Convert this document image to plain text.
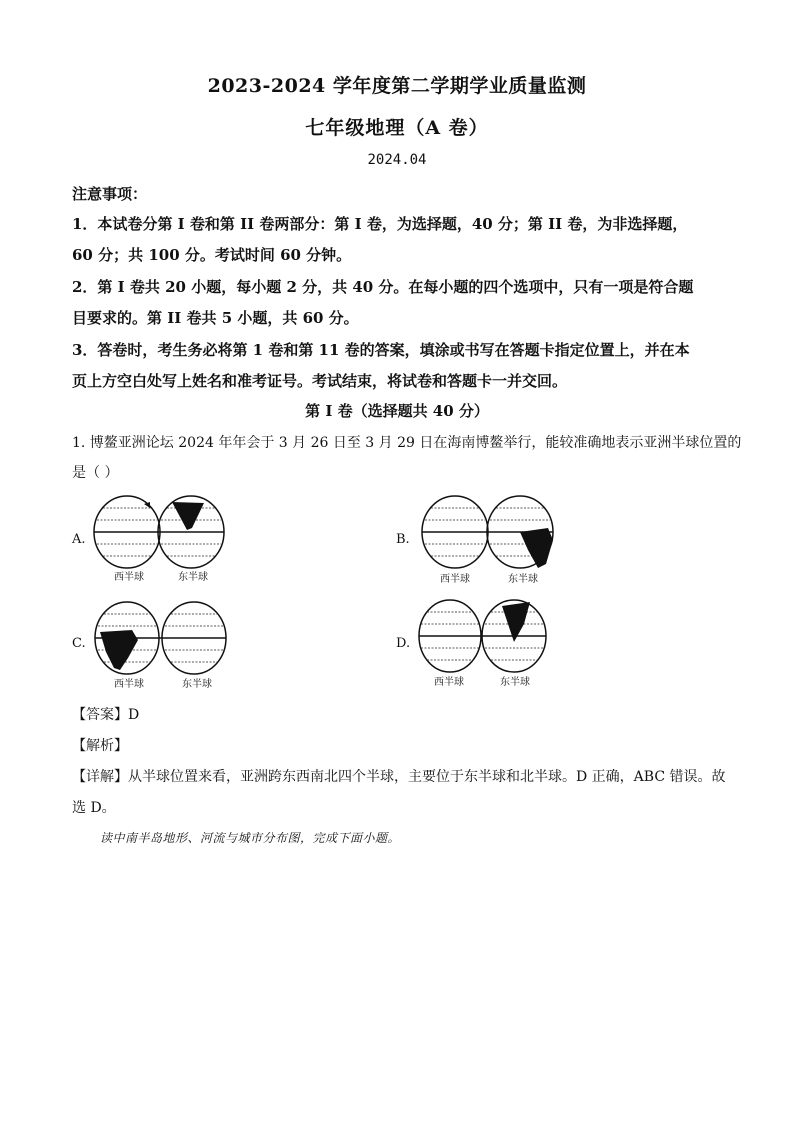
2023-2024 学年度第二学期学业质量监测
七年级地理（A 卷）
2024.04
注意事项：
1．本试卷分第 I 卷和第 II 卷两部分：第 I 卷，为选择题，40 分；第 II 卷，为非选择题，
60 分；共 100 分。考试时间 60 分钟。
2．第 I 卷共 20 小题，每小题 2 分，共 40 分。在每小题的四个选项中，只有一项是符合题
目要求的。第 II 卷共 5 小题，共 60 分。
3．答卷时，考生务必将第 1 卷和第 11 卷的答案，填涂或书写在答题卡指定位置上，并在本
页上方空白处写上姓名和准考证号。考试结束，将试卷和答题卡一并交回。
第 I 卷（选择题共 40 分）
1. 博鳌亚洲论坛 2024 年年会于 3 月 26 日至 3 月 29 日在海南博鳌举行，能较准确地表示亚洲半球位置的
是（ ）
A.
西半球	东半球
B.
西半球	东半球
C.
西半球	东半球
D.
西半球	东半球
【答案】D
【解析】
【详解】从半球位置来看，亚洲跨东西南北四个半球，主要位于东半球和北半球。D 正确，ABC 错误。故
选 D。
读中南半岛地形、河流与城市分布图，完成下面小题。
